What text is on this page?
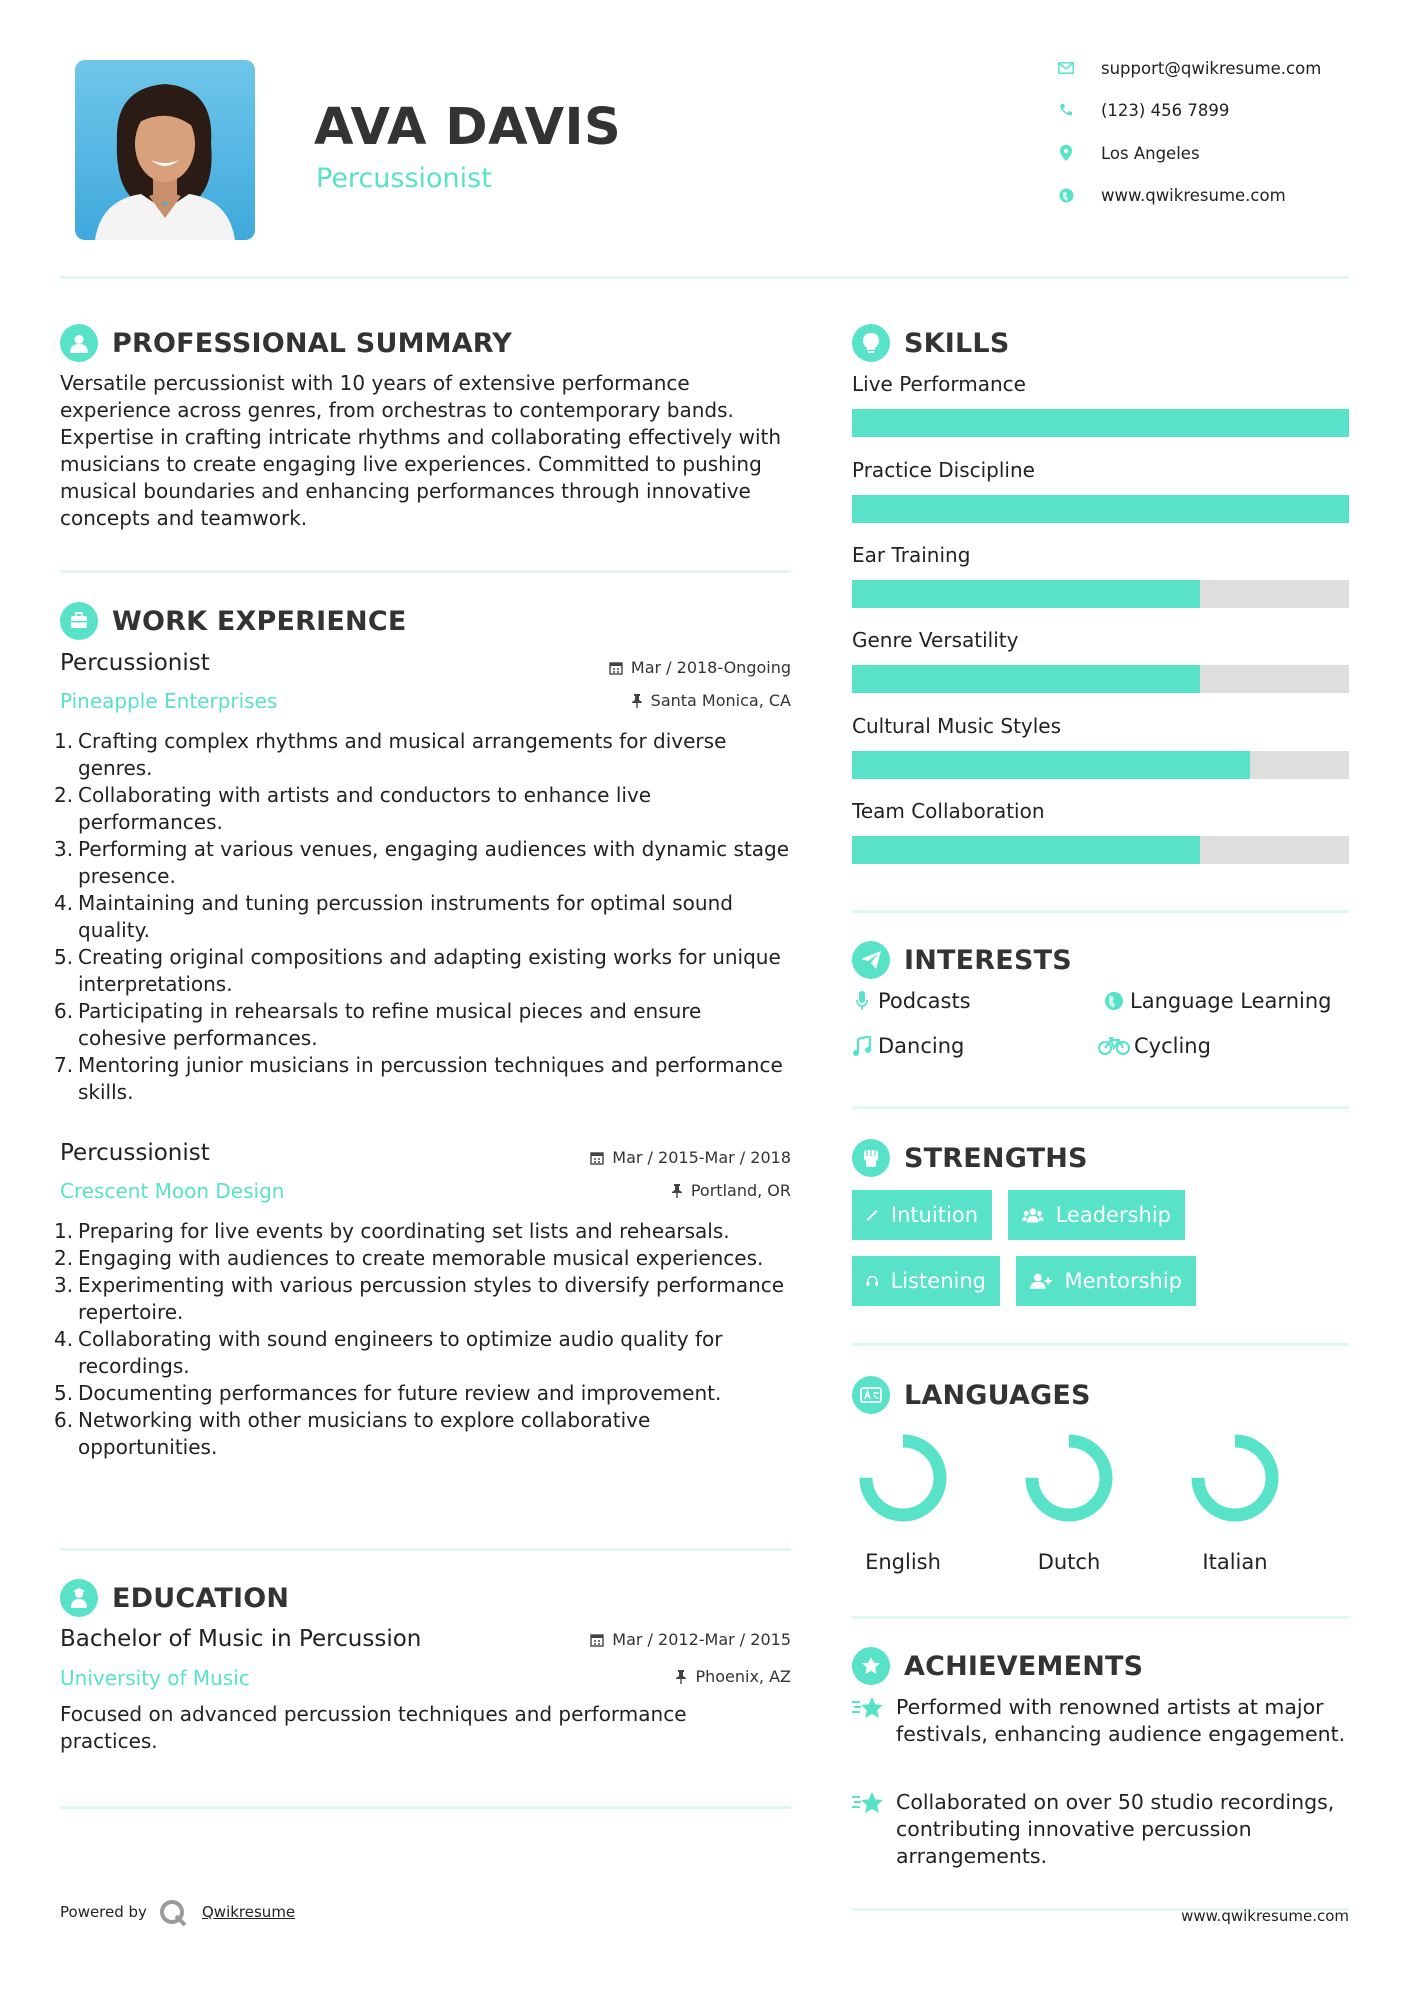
AVA DAVIS
Percussionist
support@qwikresume.com
(123) 456 7899
Los Angeles
www.qwikresume.com
PROFESSIONAL SUMMARY
Versatile percussionist with 10 years of extensive performance experience across genres, from orchestras to contemporary bands. Expertise in crafting intricate rhythms and collaborating effectively with musicians to create engaging live experiences. Committed to pushing musical boundaries and enhancing performances through innovative concepts and teamwork.
WORK EXPERIENCE
Percussionist	Mar / 2018-Ongoing
Pineapple Enterprises	Santa Monica, CA
Crafting complex rhythms and musical arrangements for diverse genres.
Collaborating with artists and conductors to enhance live performances.
Performing at various venues, engaging audiences with dynamic stage presence.
Maintaining and tuning percussion instruments for optimal sound quality.
Creating original compositions and adapting existing works for unique interpretations.
Participating in rehearsals to refine musical pieces and ensure cohesive performances.
Mentoring junior musicians in percussion techniques and performance skills.
Percussionist	Mar / 2015-Mar / 2018
Crescent Moon Design	Portland, OR
Preparing for live events by coordinating set lists and rehearsals.
Engaging with audiences to create memorable musical experiences.
Experimenting with various percussion styles to diversify performance repertoire.
Collaborating with sound engineers to optimize audio quality for recordings.
Documenting performances for future review and improvement.
Networking with other musicians to explore collaborative opportunities.
EDUCATION
Bachelor of Music in Percussion	Mar / 2012-Mar / 2015
University of Music	Phoenix, AZ
Focused on advanced percussion techniques and performance practices.
SKILLS
Live Performance
Practice Discipline
Ear Training
Genre Versatility
Cultural Music Styles
Team Collaboration
INTERESTS
Podcasts	Language Learning
Dancing	Cycling
STRENGTHS
Intuition	Leadership
Listening	Mentorship
LANGUAGES
English	Dutch	Italian
ACHIEVEMENTS
Performed with renowned artists at major festivals, enhancing audience engagement.
Collaborated on over 50 studio recordings, contributing innovative percussion arrangements.
Powered by	Qwikresume	www.qwikresume.com
